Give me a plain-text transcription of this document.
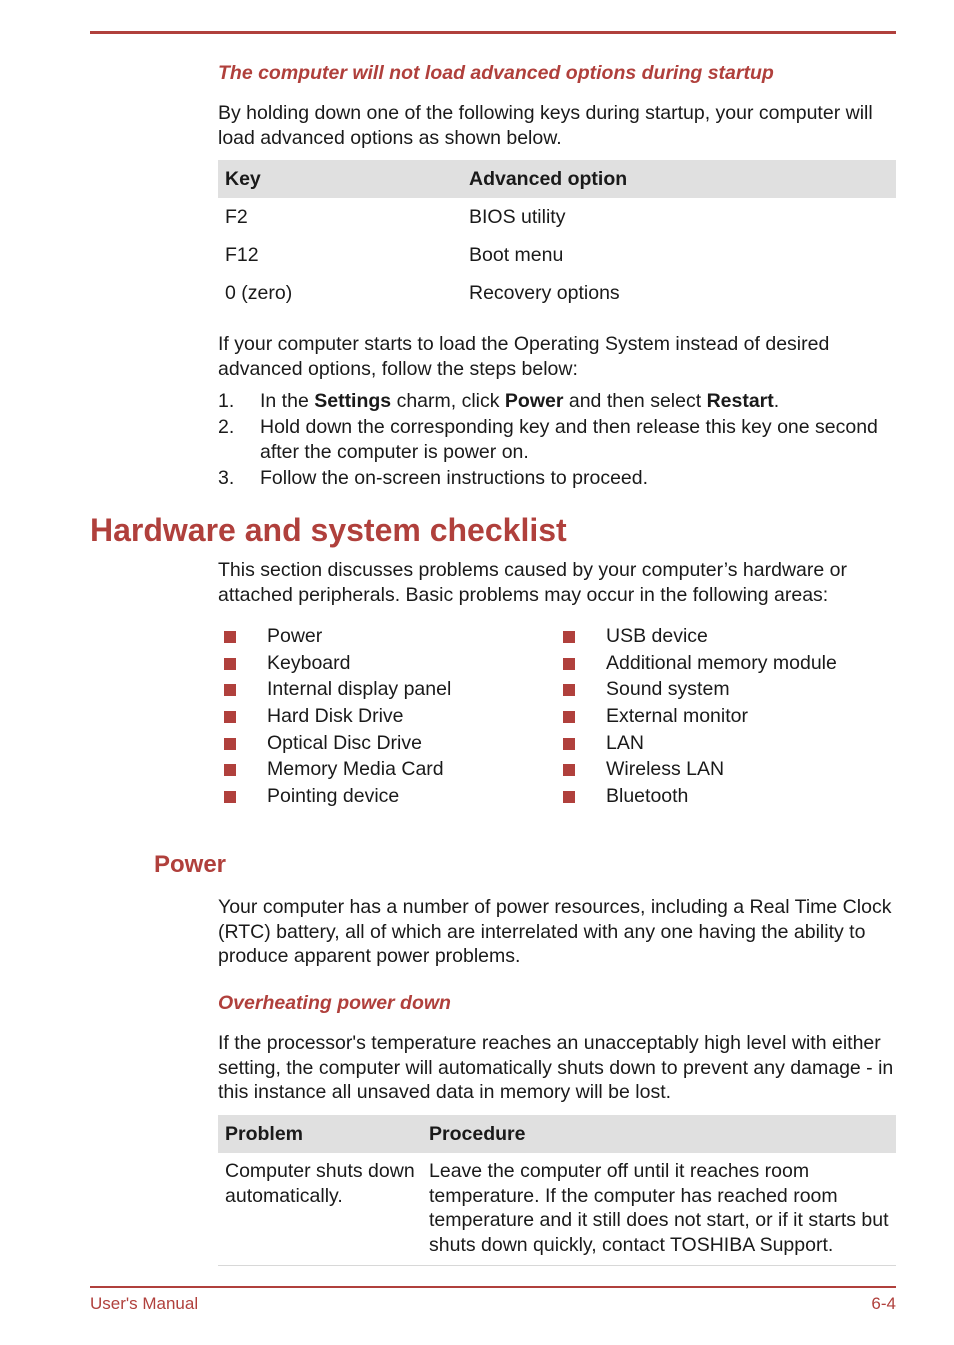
The computer will not load advanced options during startup
By holding down one of the following keys during startup, your computer will load advanced options as shown below.
Key	Advanced option
F2	BIOS utility
F12	Boot menu
0 (zero)	Recovery options
If your computer starts to load the Operating System instead of desired advanced options, follow the steps below:
1. In the Settings charm, click Power and then select Restart.
2. Hold down the corresponding key and then release this key one second after the computer is power on.
3. Follow the on-screen instructions to proceed.
Hardware and system checklist
This section discusses problems caused by your computer’s hardware or attached peripherals. Basic problems may occur in the following areas:
Power
Keyboard
Internal display panel
Hard Disk Drive
Optical Disc Drive
Memory Media Card
Pointing device
USB device
Additional memory module
Sound system
External monitor
LAN
Wireless LAN
Bluetooth
Power
Your computer has a number of power resources, including a Real Time Clock (RTC) battery, all of which are interrelated with any one having the ability to produce apparent power problems.
Overheating power down
If the processor's temperature reaches an unacceptably high level with either setting, the computer will automatically shuts down to prevent any damage - in this instance all unsaved data in memory will be lost.
Problem	Procedure
Computer shuts down automatically.	Leave the computer off until it reaches room temperature. If the computer has reached room temperature and it still does not start, or if it starts but shuts down quickly, contact TOSHIBA Support.
User's Manual	6-4
